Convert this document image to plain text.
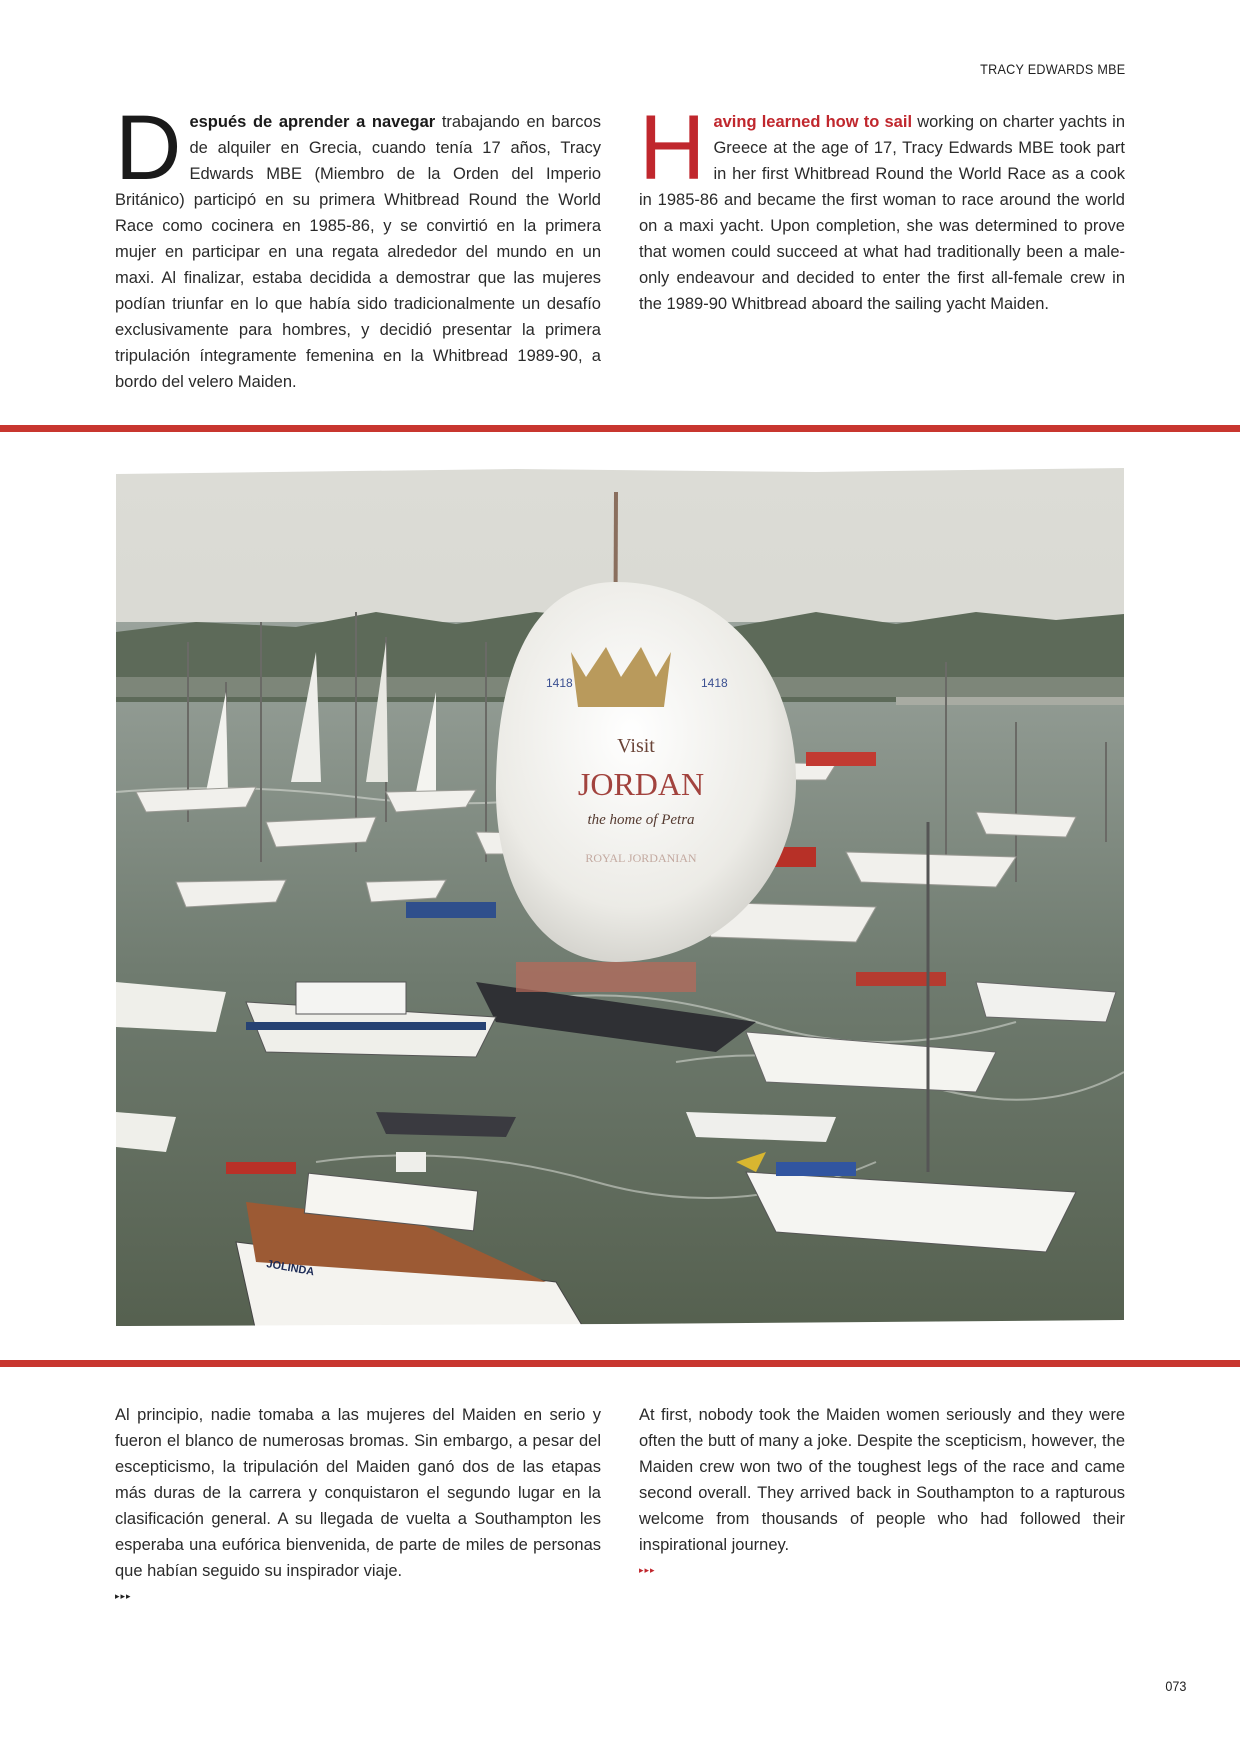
TRACY EDWARDS MBE

Después de aprender a navegar trabajando en barcos de alquiler en Grecia, cuando tenía 17 años, Tracy Edwards MBE (Miembro de la Orden del Imperio Británico) participó en su primera Whitbread Round the World Race como cocinera en 1985-86, y se convirtió en la primera mujer en participar en una regata alrededor del mundo en un maxi. Al finalizar, estaba decidida a demostrar que las mujeres podían triunfar en lo que había sido tradicionalmente un desafío exclusivamente para hombres, y decidió presentar la primera tripulación íntegramente femenina en la Whitbread 1989-90, a bordo del velero Maiden.

Having learned how to sail working on charter yachts in Greece at the age of 17, Tracy Edwards MBE took part in her first Whitbread Round the World Race as a cook in 1985-86 and became the first woman to race around the world on a maxi yacht. Upon completion, she was determined to prove that women could succeed at what had traditionally been a male-only endeavour and decided to enter the first all-female crew in the 1989-90 Whitbread aboard the sailing yacht Maiden.

1418	1418
Visit
JORDAN
the home of Petra
ROYAL JORDANIAN
JOLINDA

Al principio, nadie tomaba a las mujeres del Maiden en serio y fueron el blanco de numerosas bromas. Sin embargo, a pesar del escepticismo, la tripulación del Maiden ganó dos de las etapas más duras de la carrera y conquistaron el segundo lugar en la clasificación general. A su llegada de vuelta a Southampton les esperaba una eufórica bienvenida, de parte de miles de personas que habían seguido su inspirador viaje.

▸▸▸

At first, nobody took the Maiden women seriously and they were often the butt of many a joke. Despite the scepticism, however, the Maiden crew won two of the toughest legs of the race and came second overall. They arrived back in Southampton to a rapturous welcome from thousands of people who had followed their inspirational journey.

▸▸▸
073
